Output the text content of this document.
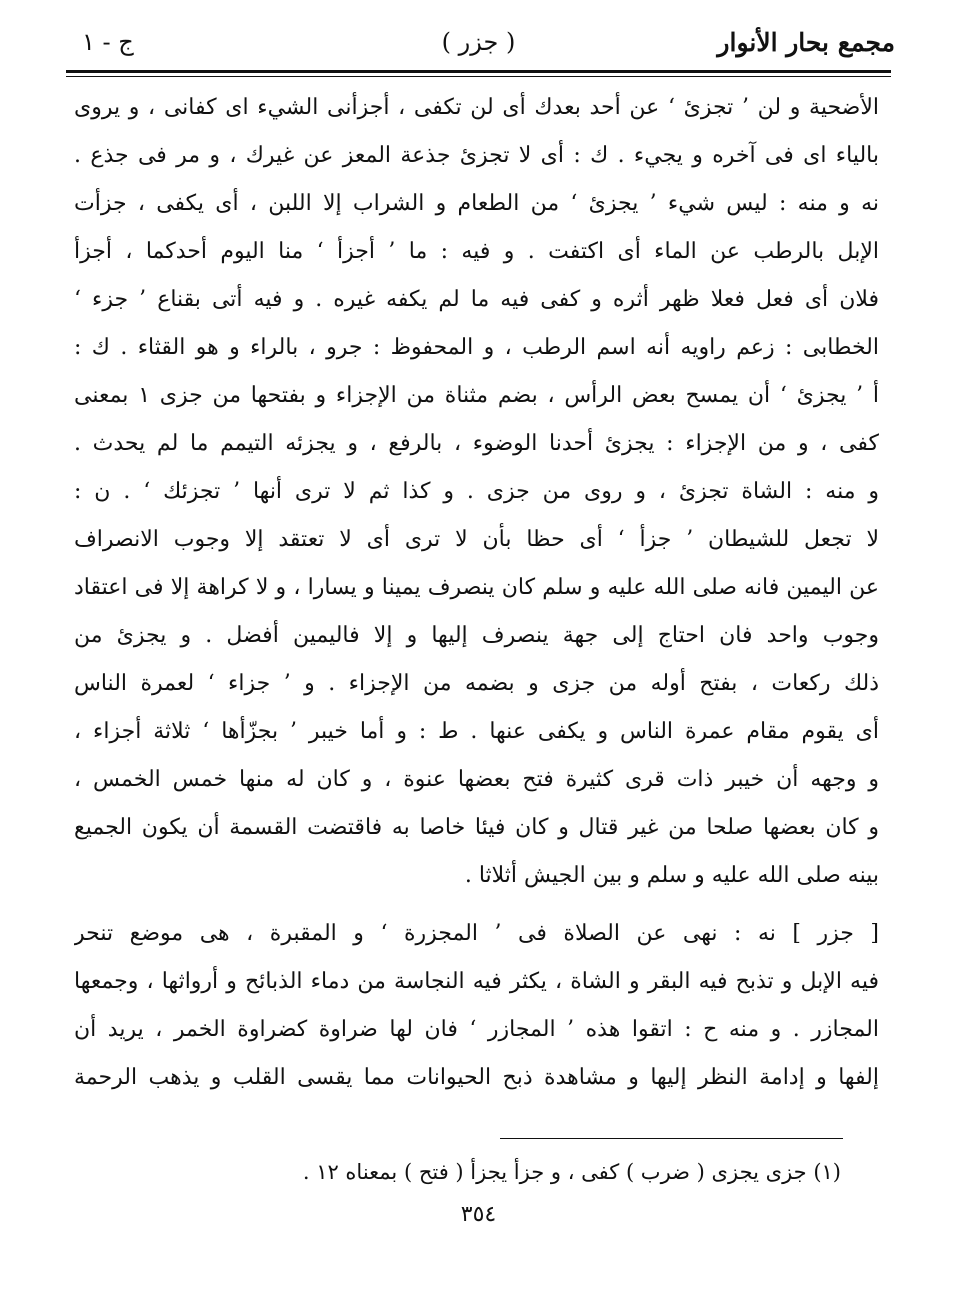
مجمع بحار الأنوار
( جزر )
ج - ١
الأضحية و لن ’ تجزئ ‘ عن أحد بعدك أى لن تكفى ، أجزأنى الشيء اى كفانى ، و يروى
بالياء اى فى آخره و يجيء . ك : أى لا تجزئ جذعة المعز عن غيرك ، و مر فى جذع .
نه و منه : ليس شيء ’ يجزئ ‘ من الطعام و الشراب إلا اللبن ، أى يكفى ، جزأت
الإبل بالرطب عن الماء أى اكتفت . و فيه : ما ’ أجزأ ‘ منا اليوم أحدكما ، أجزأ
فلان أى فعل فعلا ظهر أثره و كفى فيه ما لم يكفه غيره . و فيه أتى بقناع ’ جزء ‘
الخطابى : زعم راويه أنه اسم الرطب ، و المحفوظ : جرو ، بالراء و هو القثاء . ك :
أ ’ يجزئ ‘ أن يمسح بعض الرأس ، بضم مثناة من الإجزاء و بفتحها من جزى ١ بمعنى
كفى ، و من الإجزاء : يجزئ أحدنا الوضوء ، بالرفع ، و يجزئه التيمم ما لم يحدث .
و منه : الشاة تجزئ ، و روى من جزى . و كذا ثم لا ترى أنها ’ تجزئك ‘ . ن :
لا تجعل للشيطان ’ جزأ ‘ أى حظا بأن لا ترى أى لا تعتقد إلا وجوب الانصراف
عن اليمين فانه صلى الله عليه و سلم كان ينصرف يمينا و يسارا ، و لا كراهة إلا فى اعتقاد
وجوب واحد فان احتاج إلى جهة ينصرف إليها و إلا فاليمين أفضل . و يجزئ من
ذلك ركعات ، بفتح أوله من جزى و بضمه من الإجزاء . و ’ جزاء ‘ لعمرة الناس
أى يقوم مقام عمرة الناس و يكفى عنها . ط : و أما خيبر ’ بجزّأها ‘ ثلاثة أجزاء ،
و وجهه أن خيبر ذات قرى كثيرة فتح بعضها عنوة ، و كان له منها خمس الخمس ،
و كان بعضها صلحا من غير قتال و كان فيئا خاصا به فاقتضت القسمة أن يكون الجميع
بينه صلى الله عليه و سلم و بين الجيش أثلاثا .
[ جزر ] نه : نهى عن الصلاة فى ’ المجزرة ‘ و المقبرة ، هى موضع تنحر
فيه الإبل و تذبح فيه البقر و الشاة ، يكثر فيه النجاسة من دماء الذبائح و أرواثها ، وجمعها
المجازر . و منه ح : اتقوا هذه ’ المجازر ‘ فان لها ضراوة كضراوة الخمر ، يريد أن
إلفها و إدامة النظر إليها و مشاهدة ذبح الحيوانات مما يقسى القلب و يذهب الرحمة
(١) جزى يجزى ( ضرب ) كفى ، و جزأ يجزأ ( فتح ) بمعناه ١٢ .
٣٥٤
